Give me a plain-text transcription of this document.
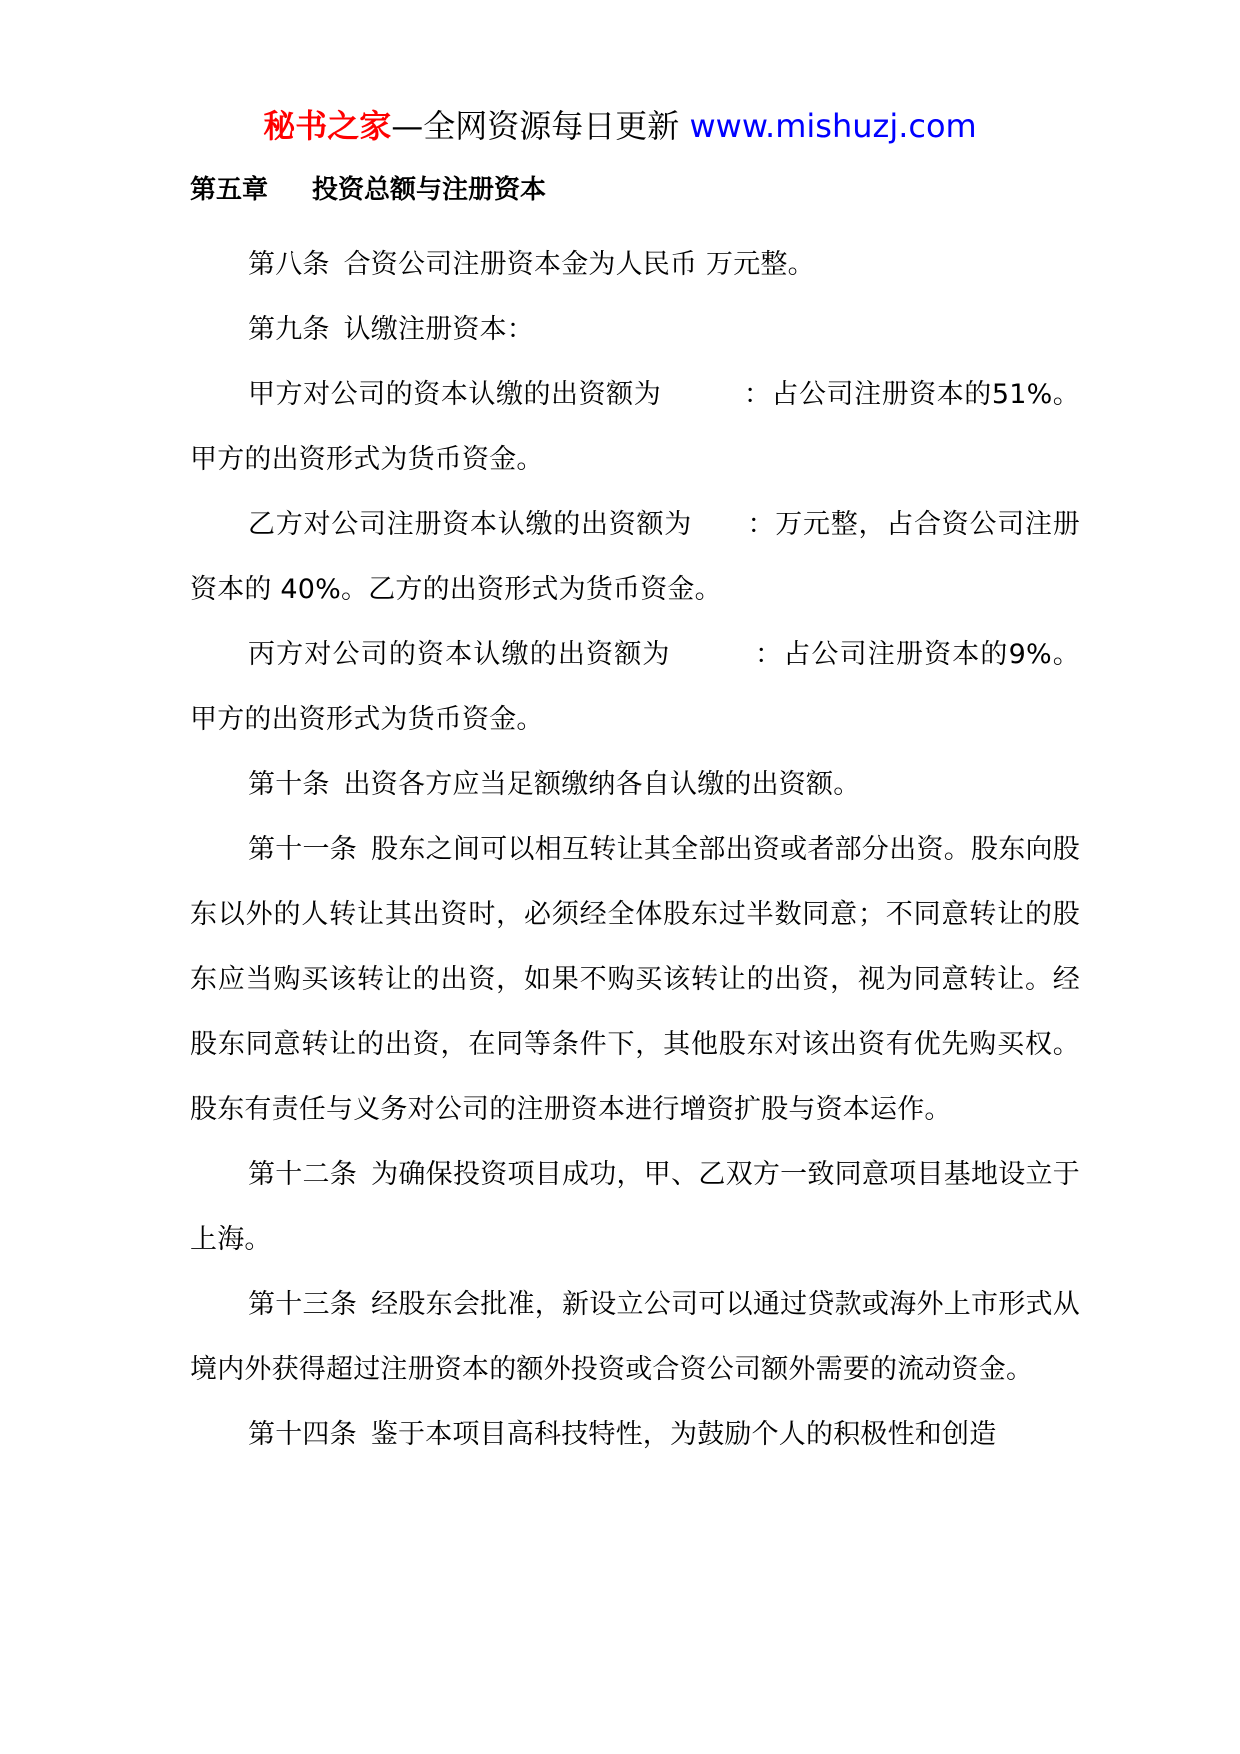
秘书之家—全网资源每日更新 www.mishuzj.com
第五章 投资总额与注册资本

第八条 合资公司注册资本金为人民币 万元整。

第九条 认缴注册资本：

甲方对公司的资本认缴的出资额为　　　：占公司注册资本的51%。甲方的出资形式为货币资金。

乙方对公司注册资本认缴的出资额为　　：万元整，占合资公司注册资本的 40%。乙方的出资形式为货币资金。

丙方对公司的资本认缴的出资额为　　　：占公司注册资本的9%。甲方的出资形式为货币资金。

第十条 出资各方应当足额缴纳各自认缴的出资额。

第十一条 股东之间可以相互转让其全部出资或者部分出资。股东向股东以外的人转让其出资时，必须经全体股东过半数同意；不同意转让的股东应当购买该转让的出资，如果不购买该转让的出资，视为同意转让。经股东同意转让的出资，在同等条件下，其他股东对该出资有优先购买权。股东有责任与义务对公司的注册资本进行增资扩股与资本运作。

第十二条 为确保投资项目成功，甲、乙双方一致同意项目基地设立于上海。

第十三条 经股东会批准，新设立公司可以通过贷款或海外上市形式从境内外获得超过注册资本的额外投资或合资公司额外需要的流动资金。

第十四条 鉴于本项目高科技特性，为鼓励个人的积极性和创造
